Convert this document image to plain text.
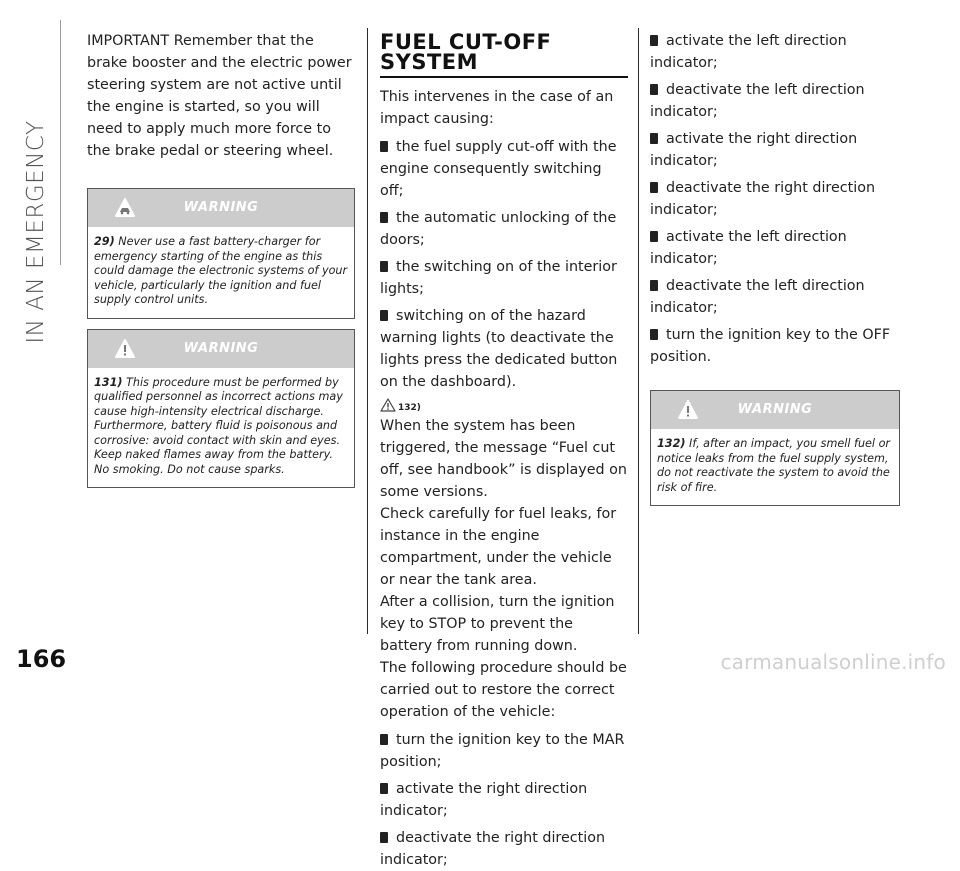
IN AN EMERGENCY

IMPORTANT Remember that the brake booster and the electric power steering system are not active until the engine is started, so you will need to apply much more force to the brake pedal or steering wheel.

WARNING
29) Never use a fast battery-charger for emergency starting of the engine as this could damage the electronic systems of your vehicle, particularly the ignition and fuel supply control units.
WARNING
131) This procedure must be performed by qualified personnel as incorrect actions may cause high-intensity electrical discharge. Furthermore, battery fluid is poisonous and corrosive: avoid contact with skin and eyes. Keep naked flames away from the battery. No smoking. Do not cause sparks.
FUEL CUT-OFF
SYSTEM

This intervenes in the case of an impact causing:

the fuel supply cut-off with the engine consequently switching off;

the automatic unlocking of the doors;

the switching on of the interior lights;

switching on of the hazard warning lights (to deactivate the lights press the dedicated button on the dashboard).

132)

When the system has been triggered, the message “Fuel cut off, see handbook” is displayed on some versions.
Check carefully for fuel leaks, for instance in the engine compartment, under the vehicle or near the tank area.
After a collision, turn the ignition key to STOP to prevent the battery from running down.
The following procedure should be carried out to restore the correct operation of the vehicle:

turn the ignition key to the MAR position;

activate the right direction indicator;

deactivate the right direction indicator;

activate the left direction indicator;

deactivate the left direction indicator;

activate the right direction indicator;

deactivate the right direction indicator;

activate the left direction indicator;

deactivate the left direction indicator;

turn the ignition key to the OFF position.

WARNING
132) If, after an impact, you smell fuel or notice leaks from the fuel supply system, do not reactivate the system to avoid the risk of fire.
166	carmanualsonline.info
